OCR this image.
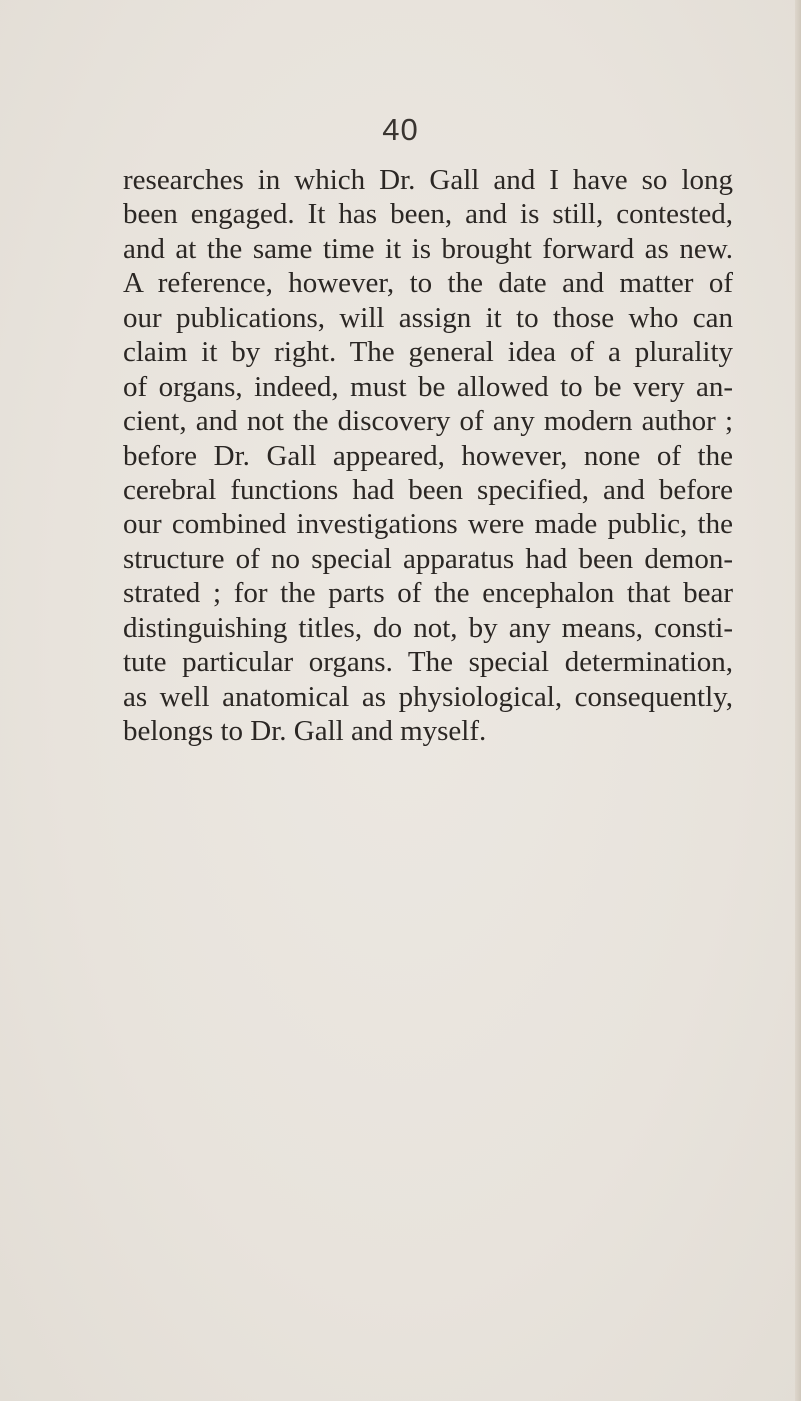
40
researches in which Dr. Gall and I have so long
been engaged. It has been, and is still, contested,
and at the same time it is brought forward as new.
A reference, however, to the date and matter of
our publications, will assign it to those who can
claim it by right. The general idea of a plurality
of organs, indeed, must be allowed to be very an-
cient, and not the discovery of any modern author ;
before Dr. Gall appeared, however, none of the
cerebral functions had been specified, and before
our combined investigations were made public, the
structure of no special apparatus had been demon-
strated ; for the parts of the encephalon that bear
distinguishing titles, do not, by any means, consti-
tute particular organs. The special determination,
as well anatomical as physiological, consequently,
belongs to Dr. Gall and myself.
